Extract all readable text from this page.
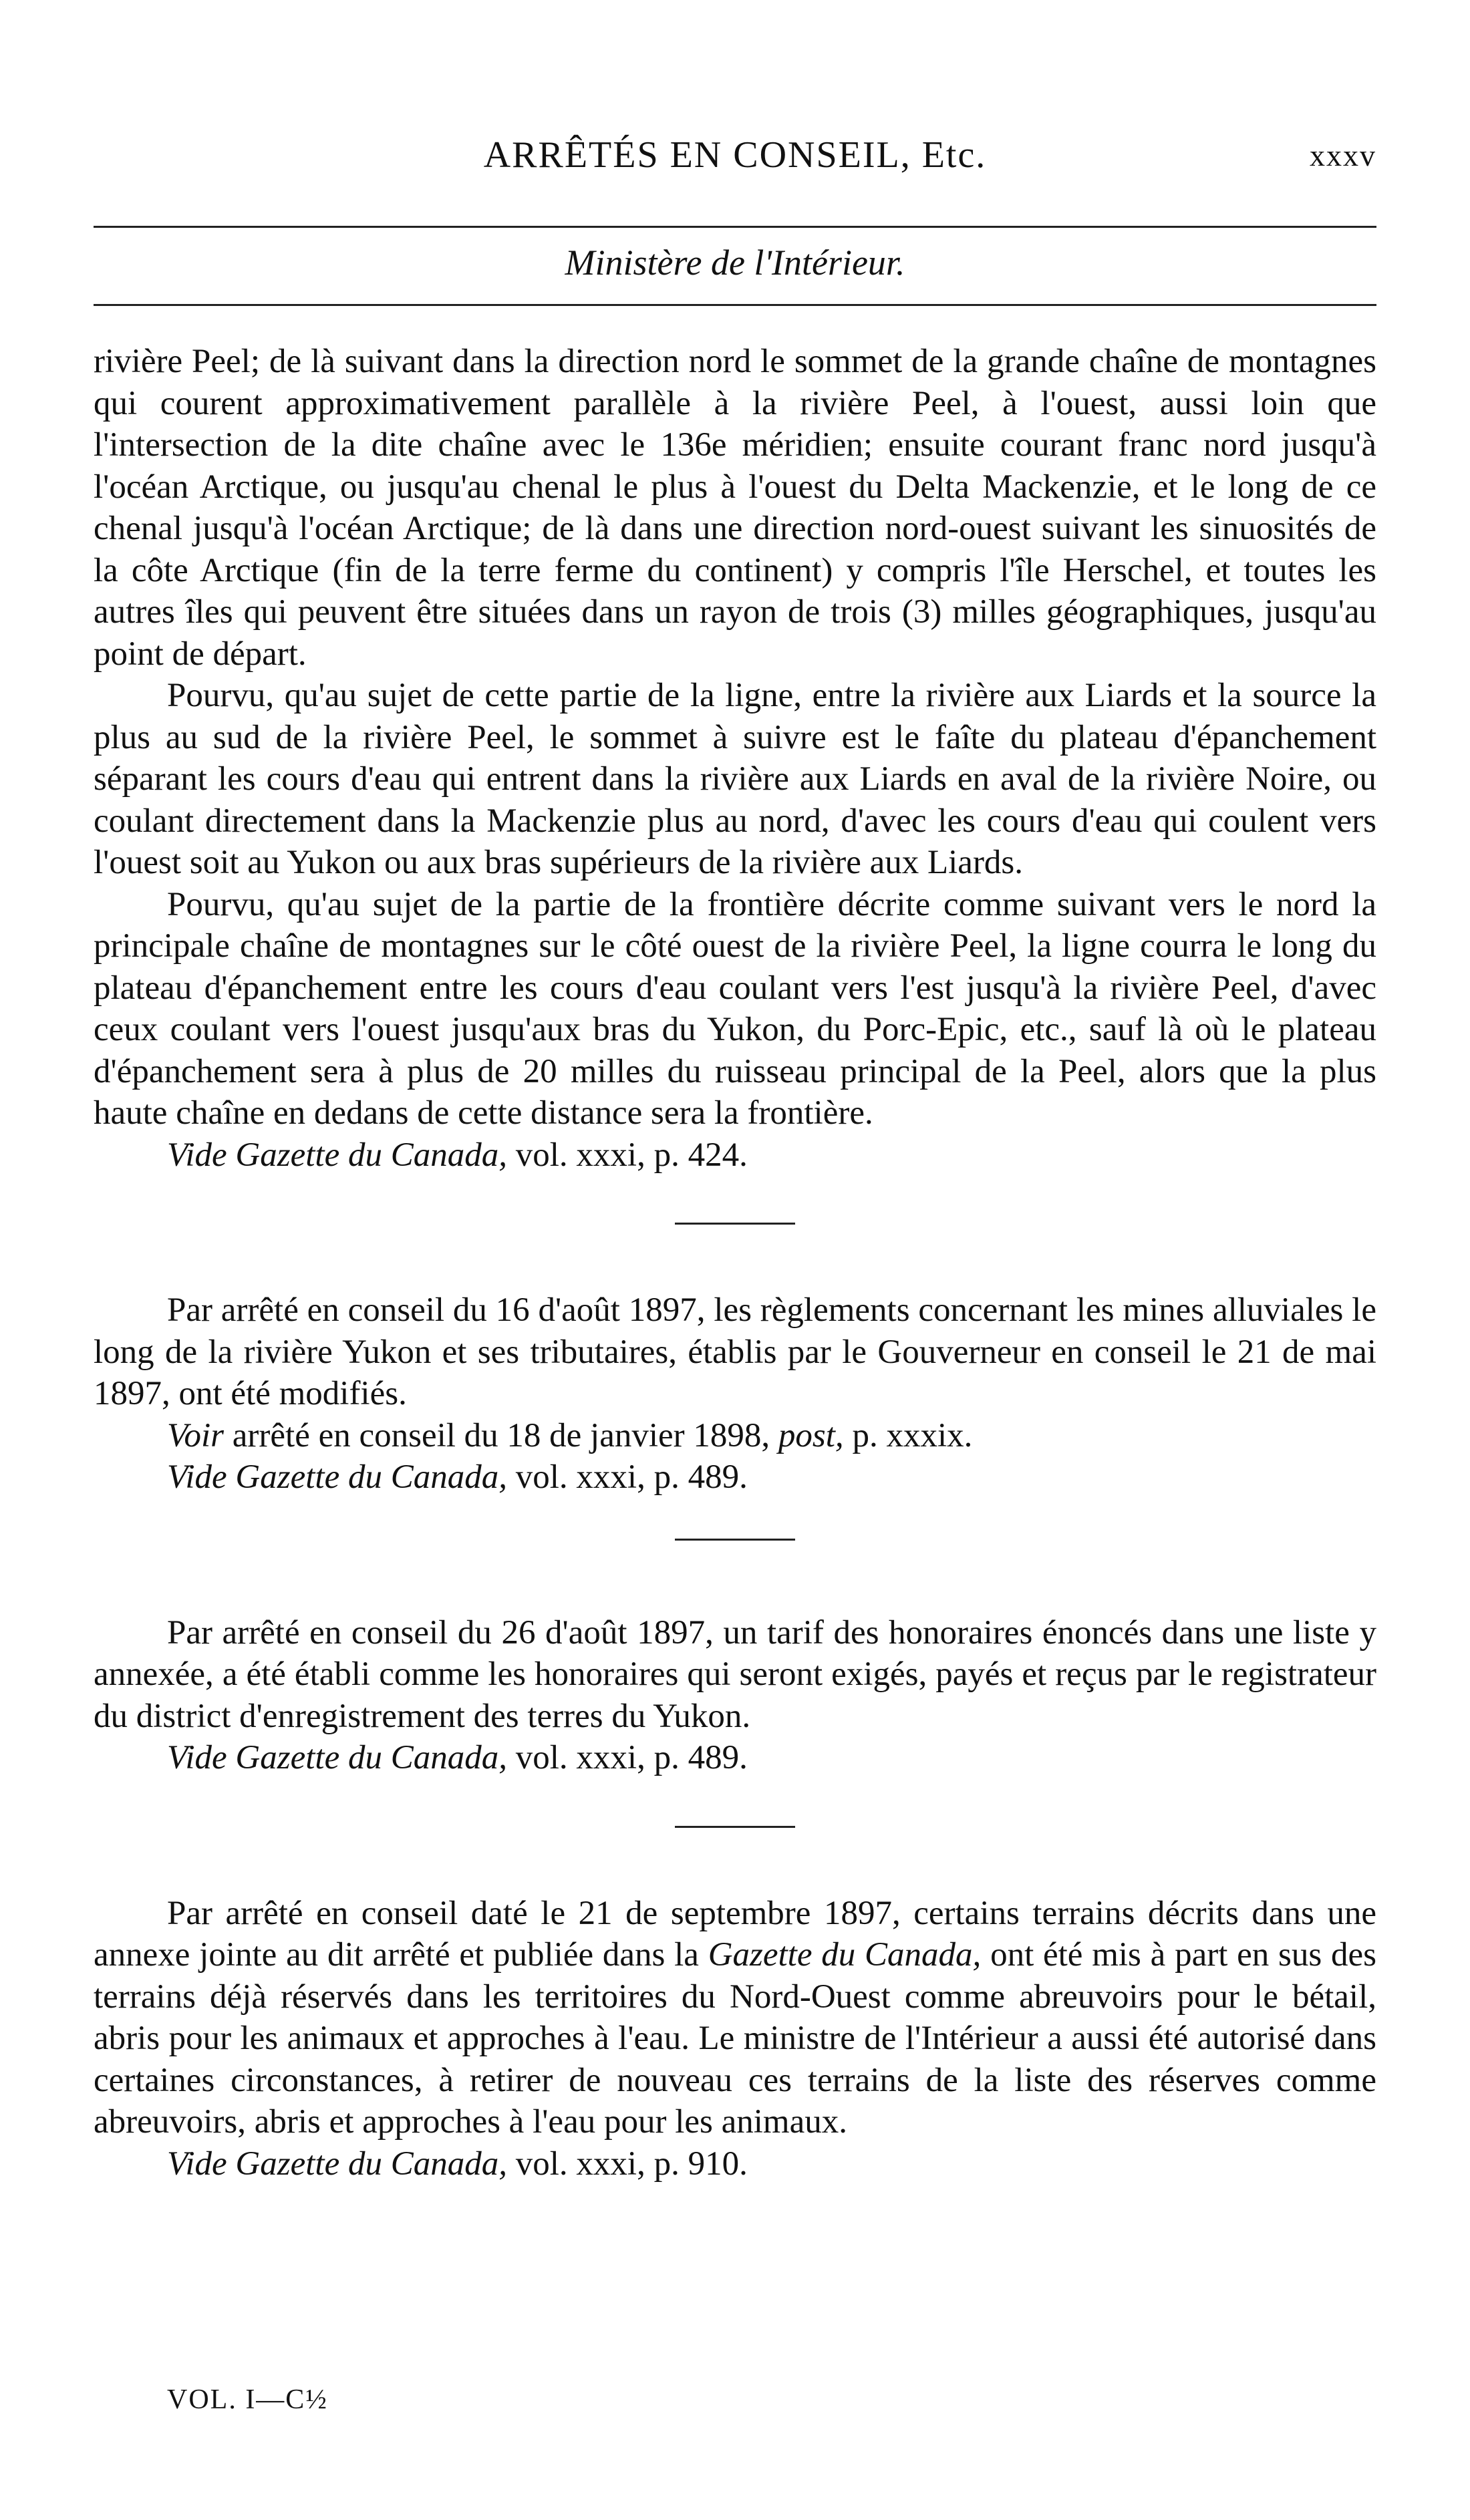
ARRÊTÉS EN CONSEIL, Etc.	xxxv
Ministère de l'Intérieur.

rivière Peel; de là suivant dans la direction nord le sommet de la grande chaîne de montagnes qui courent approximativement parallèle à la rivière Peel, à l'ouest, aussi loin que l'intersection de la dite chaîne avec le 136e méridien; ensuite courant franc nord jusqu'à l'océan Arctique, ou jusqu'au chenal le plus à l'ouest du Delta Mackenzie, et le long de ce chenal jusqu'à l'océan Arctique; de là dans une direction nord-ouest suivant les sinuosités de la côte Arctique (fin de la terre ferme du continent) y compris l'île Herschel, et toutes les autres îles qui peuvent être situées dans un rayon de trois (3) milles géographiques, jusqu'au point de départ.

Pourvu, qu'au sujet de cette partie de la ligne, entre la rivière aux Liards et la source la plus au sud de la rivière Peel, le sommet à suivre est le faîte du plateau d'épanchement séparant les cours d'eau qui entrent dans la rivière aux Liards en aval de la rivière Noire, ou coulant directement dans la Mackenzie plus au nord, d'avec les cours d'eau qui coulent vers l'ouest soit au Yukon ou aux bras supérieurs de la rivière aux Liards.

Pourvu, qu'au sujet de la partie de la frontière décrite comme suivant vers le nord la principale chaîne de montagnes sur le côté ouest de la rivière Peel, la ligne courra le long du plateau d'épanchement entre les cours d'eau coulant vers l'est jusqu'à la rivière Peel, d'avec ceux coulant vers l'ouest jusqu'aux bras du Yukon, du Porc-Epic, etc., sauf là où le plateau d'épanchement sera à plus de 20 milles du ruisseau principal de la Peel, alors que la plus haute chaîne en dedans de cette distance sera la frontière.

Vide Gazette du Canada, vol. xxxi, p. 424.

Par arrêté en conseil du 16 d'août 1897, les règlements concernant les mines alluviales le long de la rivière Yukon et ses tributaires, établis par le Gouverneur en conseil le 21 de mai 1897, ont été modifiés.

Voir arrêté en conseil du 18 de janvier 1898, post, p. xxxix.

Vide Gazette du Canada, vol. xxxi, p. 489.

Par arrêté en conseil du 26 d'août 1897, un tarif des honoraires énoncés dans une liste y annexée, a été établi comme les honoraires qui seront exigés, payés et reçus par le registrateur du district d'enregistrement des terres du Yukon.

Vide Gazette du Canada, vol. xxxi, p. 489.

Par arrêté en conseil daté le 21 de septembre 1897, certains terrains décrits dans une annexe jointe au dit arrêté et publiée dans la Gazette du Canada, ont été mis à part en sus des terrains déjà réservés dans les territoires du Nord-Ouest comme abreuvoirs pour le bétail, abris pour les animaux et approches à l'eau. Le ministre de l'Intérieur a aussi été autorisé dans certaines circonstances, à retirer de nouveau ces terrains de la liste des réserves comme abreuvoirs, abris et approches à l'eau pour les animaux.

Vide Gazette du Canada, vol. xxxi, p. 910.

VOL. I—C½
